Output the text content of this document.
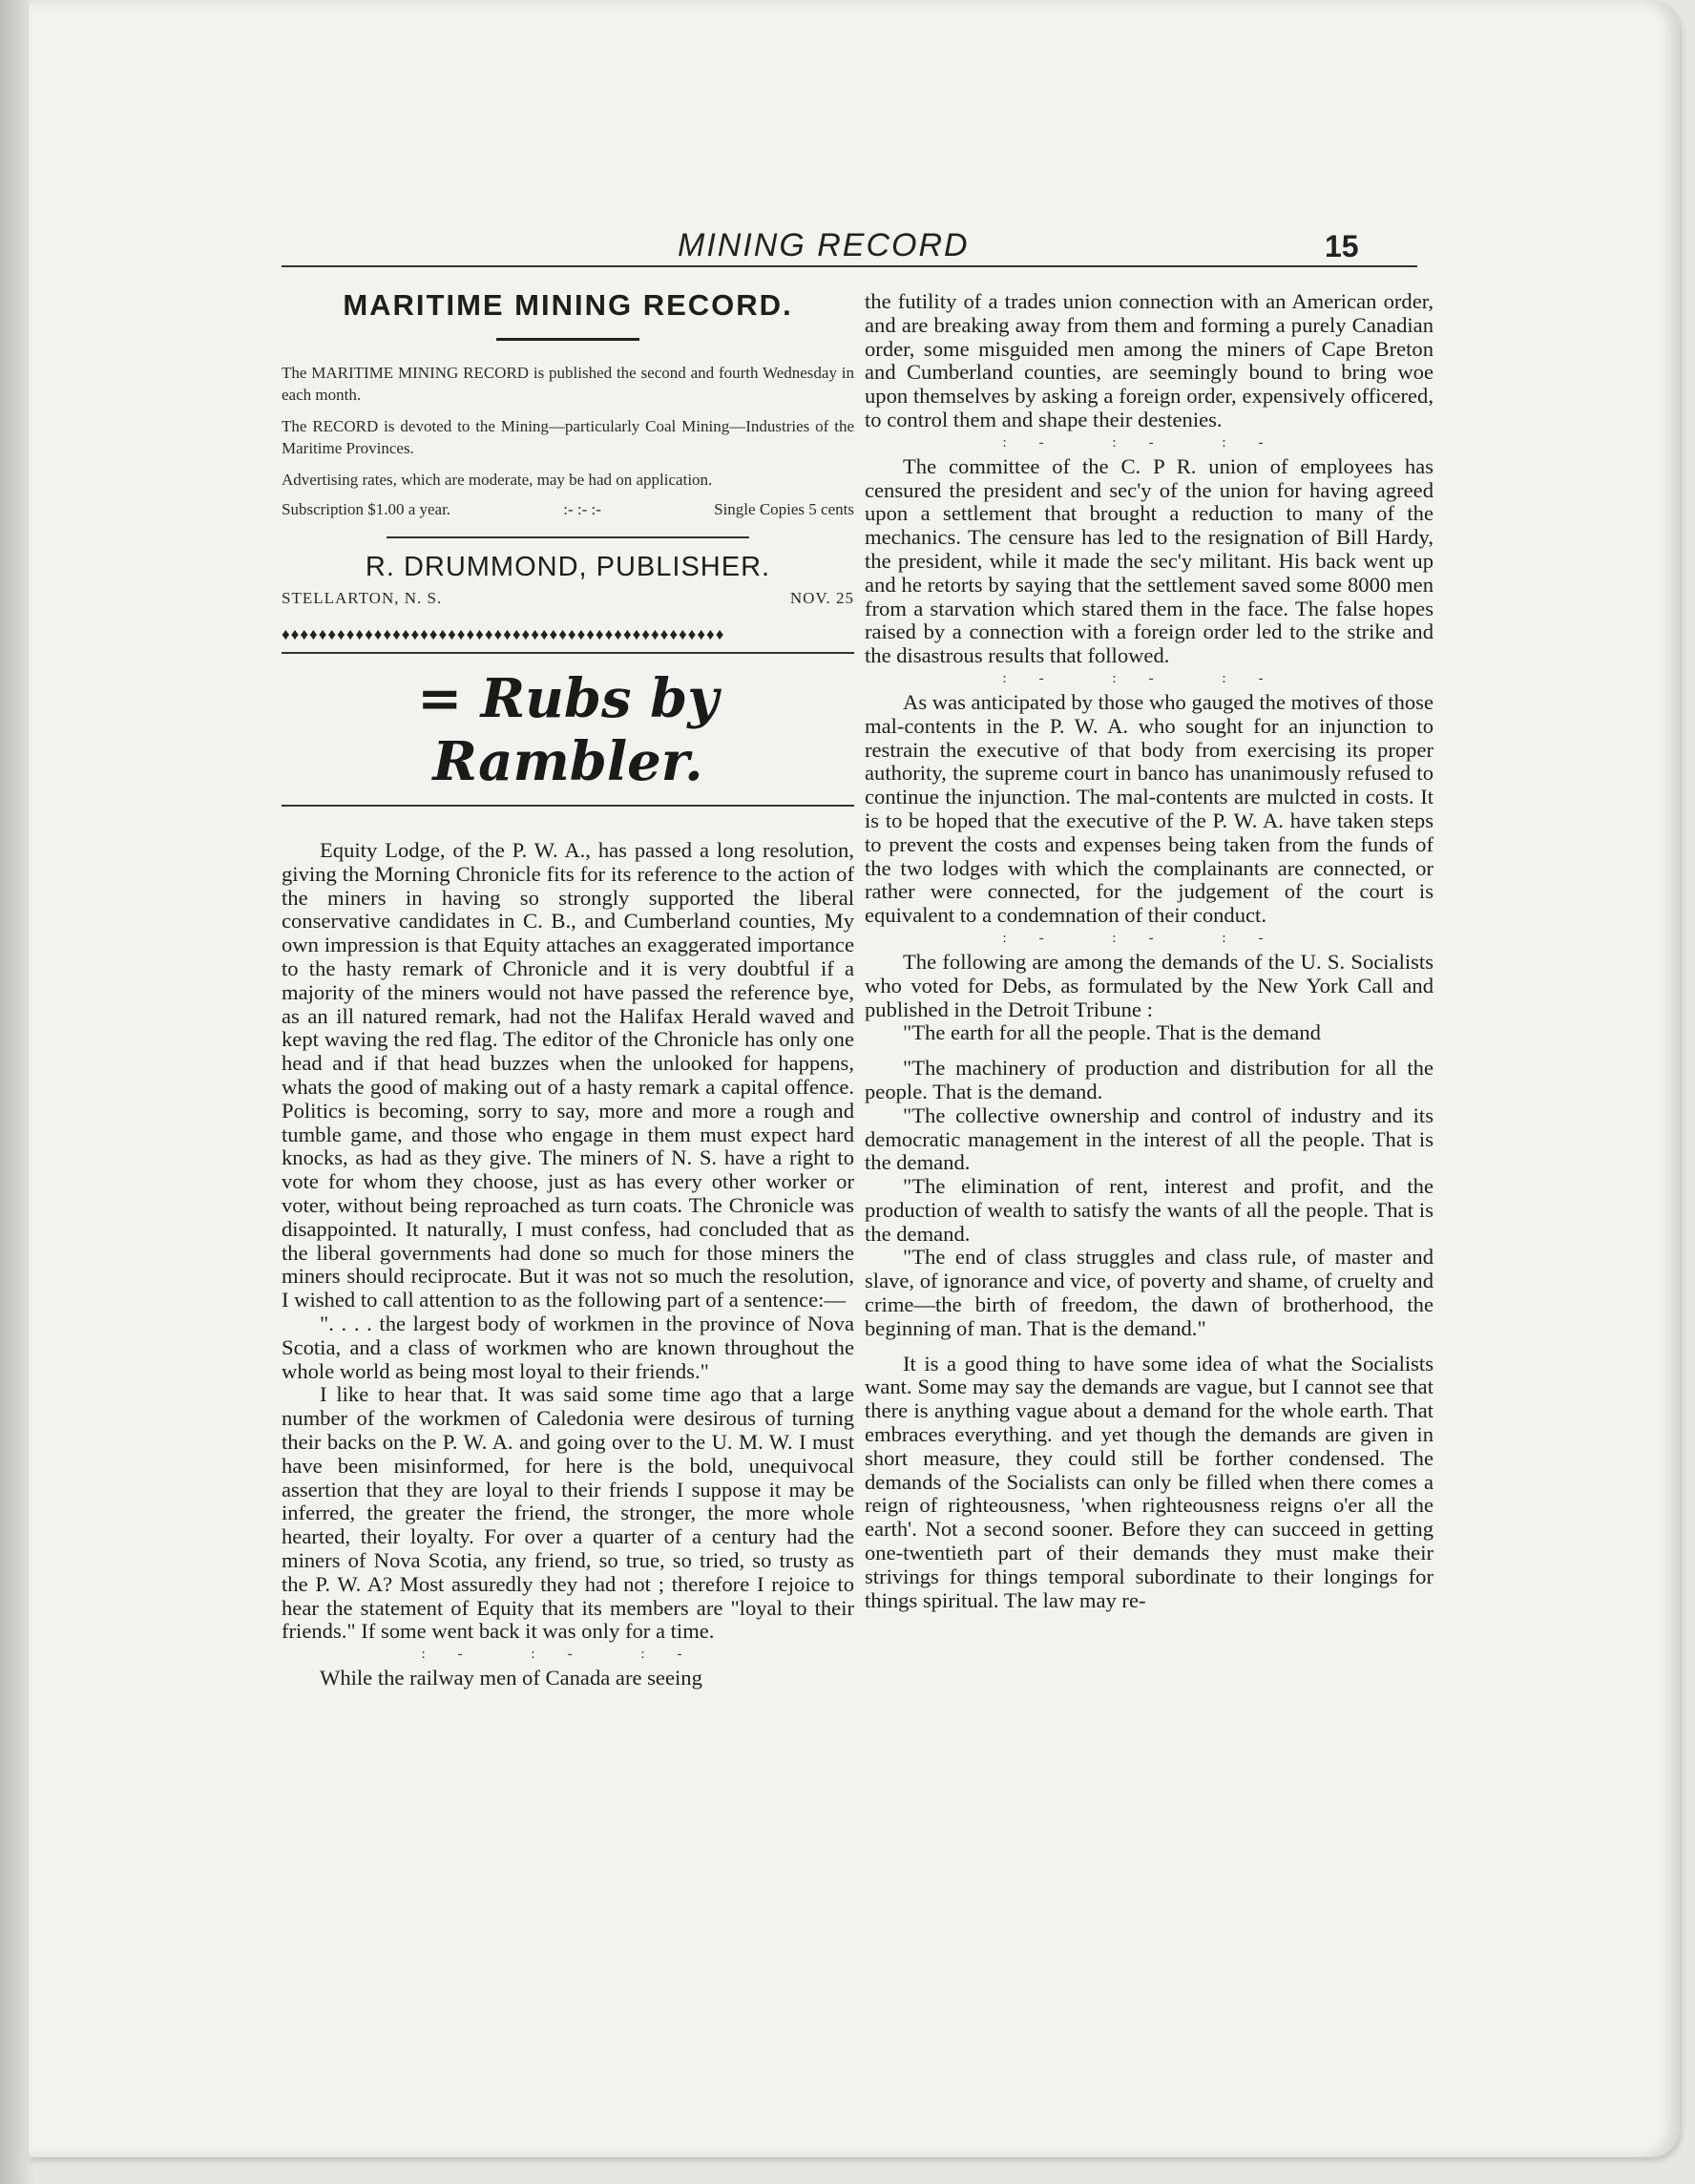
MINING RECORD	15
MARITIME MINING RECORD.

The MARITIME MINING RECORD is published the second and fourth Wednesday in each month.

The RECORD is devoted to the Mining—particularly Coal Mining—Industries of the Maritime Provinces.

Advertising rates, which are moderate, may be had on application.

Subscription $1.00 a year.	:- :- :-	Single Copies 5 cents
R. DRUMMOND, PUBLISHER.
STELLARTON, N. S.	NOV. 25
♦♦♦♦♦♦♦♦♦♦♦♦♦♦♦♦♦♦♦♦♦♦♦♦♦♦♦♦♦♦♦♦♦♦♦♦♦♦♦♦♦♦♦♦♦♦♦♦
= Rubs by Rambler.

Equity Lodge, of the P. W. A., has passed a long resolution, giving the Morning Chronicle fits for its reference to the action of the miners in having so strongly supported the liberal conservative candidates in C. B., and Cumberland counties, My own impression is that Equity attaches an exaggerated importance to the hasty remark of Chronicle and it is very doubtful if a majority of the miners would not have passed the reference bye, as an ill natured remark, had not the Halifax Herald waved and kept waving the red flag. The editor of the Chronicle has only one head and if that head buzzes when the unlooked for happens, whats the good of making out of a hasty remark a capital offence. Politics is becoming, sorry to say, more and more a rough and tumble game, and those who engage in them must expect hard knocks, as had as they give. The miners of N. S. have a right to vote for whom they choose, just as has every other worker or voter, without being reproached as turn coats. The Chronicle was disappointed. It naturally, I must confess, had concluded that as the liberal governments had done so much for those miners the miners should reciprocate. But it was not so much the resolution, I wished to call attention to as the following part of a sentence:—

". . . . the largest body of workmen in the province of Nova Scotia, and a class of workmen who are known throughout the whole world as being most loyal to their friends."

I like to hear that. It was said some time ago that a large number of the workmen of Caledonia were desirous of turning their backs on the P. W. A. and going over to the U. M. W. I must have been misinformed, for here is the bold, unequivocal assertion that they are loyal to their friends I suppose it may be inferred, the greater the friend, the stronger, the more whole hearted, their loyalty. For over a quarter of a century had the miners of Nova Scotia, any friend, so true, so tried, so trusty as the P. W. A? Most assuredly they had not ; therefore I rejoice to hear the statement of Equity that its members are "loyal to their friends." If some went back it was only for a time.

:- :- :-

While the railway men of Canada are seeing

the futility of a trades union connection with an American order, and are breaking away from them and forming a purely Canadian order, some misguided men among the miners of Cape Breton and Cumberland counties, are seemingly bound to bring woe upon themselves by asking a foreign order, expensively officered, to control them and shape their destenies.

:- :- :-

The committee of the C. P R. union of employees has censured the president and sec'y of the union for having agreed upon a settlement that brought a reduction to many of the mechanics. The censure has led to the resignation of Bill Hardy, the president, while it made the sec'y militant. His back went up and he retorts by saying that the settlement saved some 8000 men from a starvation which stared them in the face. The false hopes raised by a connection with a foreign order led to the strike and the disastrous results that followed.

:- :- :-

As was anticipated by those who gauged the motives of those mal-contents in the P. W. A. who sought for an injunction to restrain the executive of that body from exercising its proper authority, the supreme court in banco has unanimously refused to continue the injunction. The mal-contents are mulcted in costs. It is to be hoped that the executive of the P. W. A. have taken steps to prevent the costs and expenses being taken from the funds of the two lodges with which the complainants are connected, or rather were connected, for the judgement of the court is equivalent to a condemnation of their conduct.

:- :- :-

The following are among the demands of the U. S. Socialists who voted for Debs, as formulated by the New York Call and published in the Detroit Tribune :

"The earth for all the people. That is the demand

"The machinery of production and distribution for all the people. That is the demand.

"The collective ownership and control of industry and its democratic management in the interest of all the people. That is the demand.

"The elimination of rent, interest and profit, and the production of wealth to satisfy the wants of all the people. That is the demand.

"The end of class struggles and class rule, of master and slave, of ignorance and vice, of poverty and shame, of cruelty and crime—the birth of freedom, the dawn of brotherhood, the beginning of man. That is the demand."

It is a good thing to have some idea of what the Socialists want. Some may say the demands are vague, but I cannot see that there is anything vague about a demand for the whole earth. That embraces everything. and yet though the demands are given in short measure, they could still be forther condensed. The demands of the Socialists can only be filled when there comes a reign of righteousness, 'when righteousness reigns o'er all the earth'. Not a second sooner. Before they can succeed in getting one-twentieth part of their demands they must make their strivings for things temporal subordinate to their longings for things spiritual. The law may re-
